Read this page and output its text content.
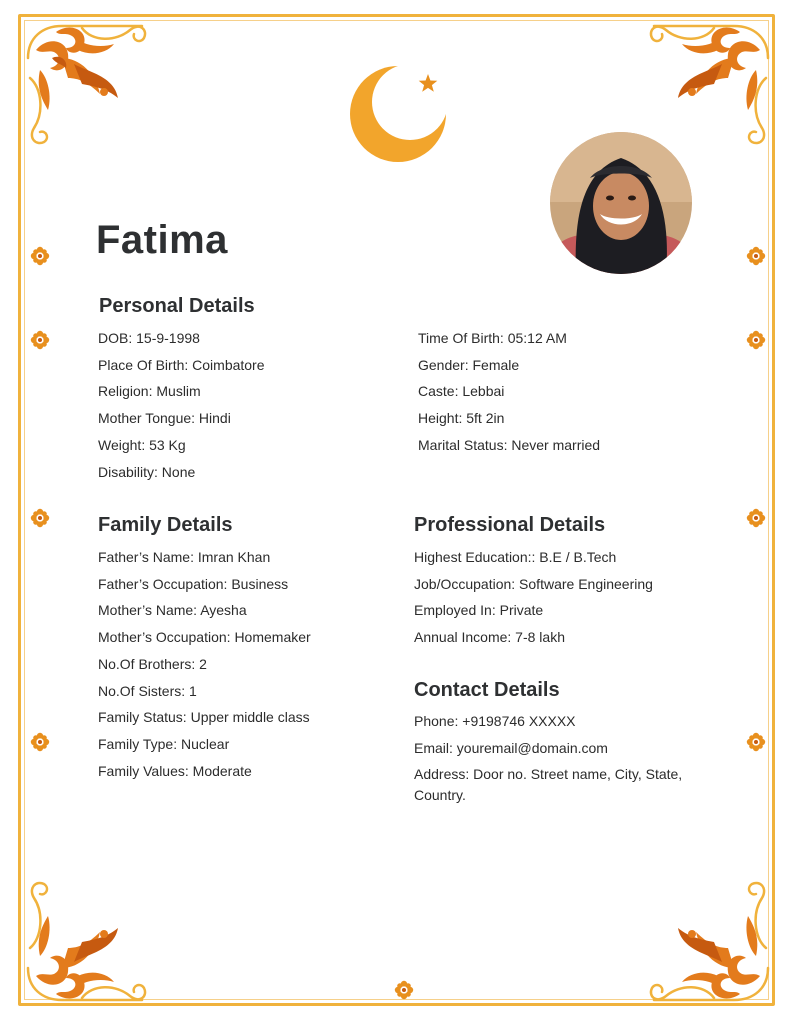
Fatima
Personal Details
DOB: 15-9-1998
Place Of Birth: Coimbatore
Religion: Muslim
Mother Tongue: Hindi
Weight: 53 Kg
Disability: None
Time Of Birth: 05:12 AM
Gender: Female
Caste: Lebbai
Height: 5ft 2in
Marital Status: Never married
Family Details
Father’s Name: Imran Khan
Father’s Occupation: Business
Mother’s Name: Ayesha
Mother’s Occupation: Homemaker
No.Of Brothers: 2
No.Of Sisters: 1
Family Status: Upper middle class
Family Type: Nuclear
Family Values: Moderate
Professional Details
Highest Education:: B.E / B.Tech
Job/Occupation: Software Engineering
Employed In: Private
Annual Income: 7-8 lakh
Contact Details
Phone: +9198746 XXXXX
Email: youremail@domain.com
Address: Door no. Street name, City, State, Country.
